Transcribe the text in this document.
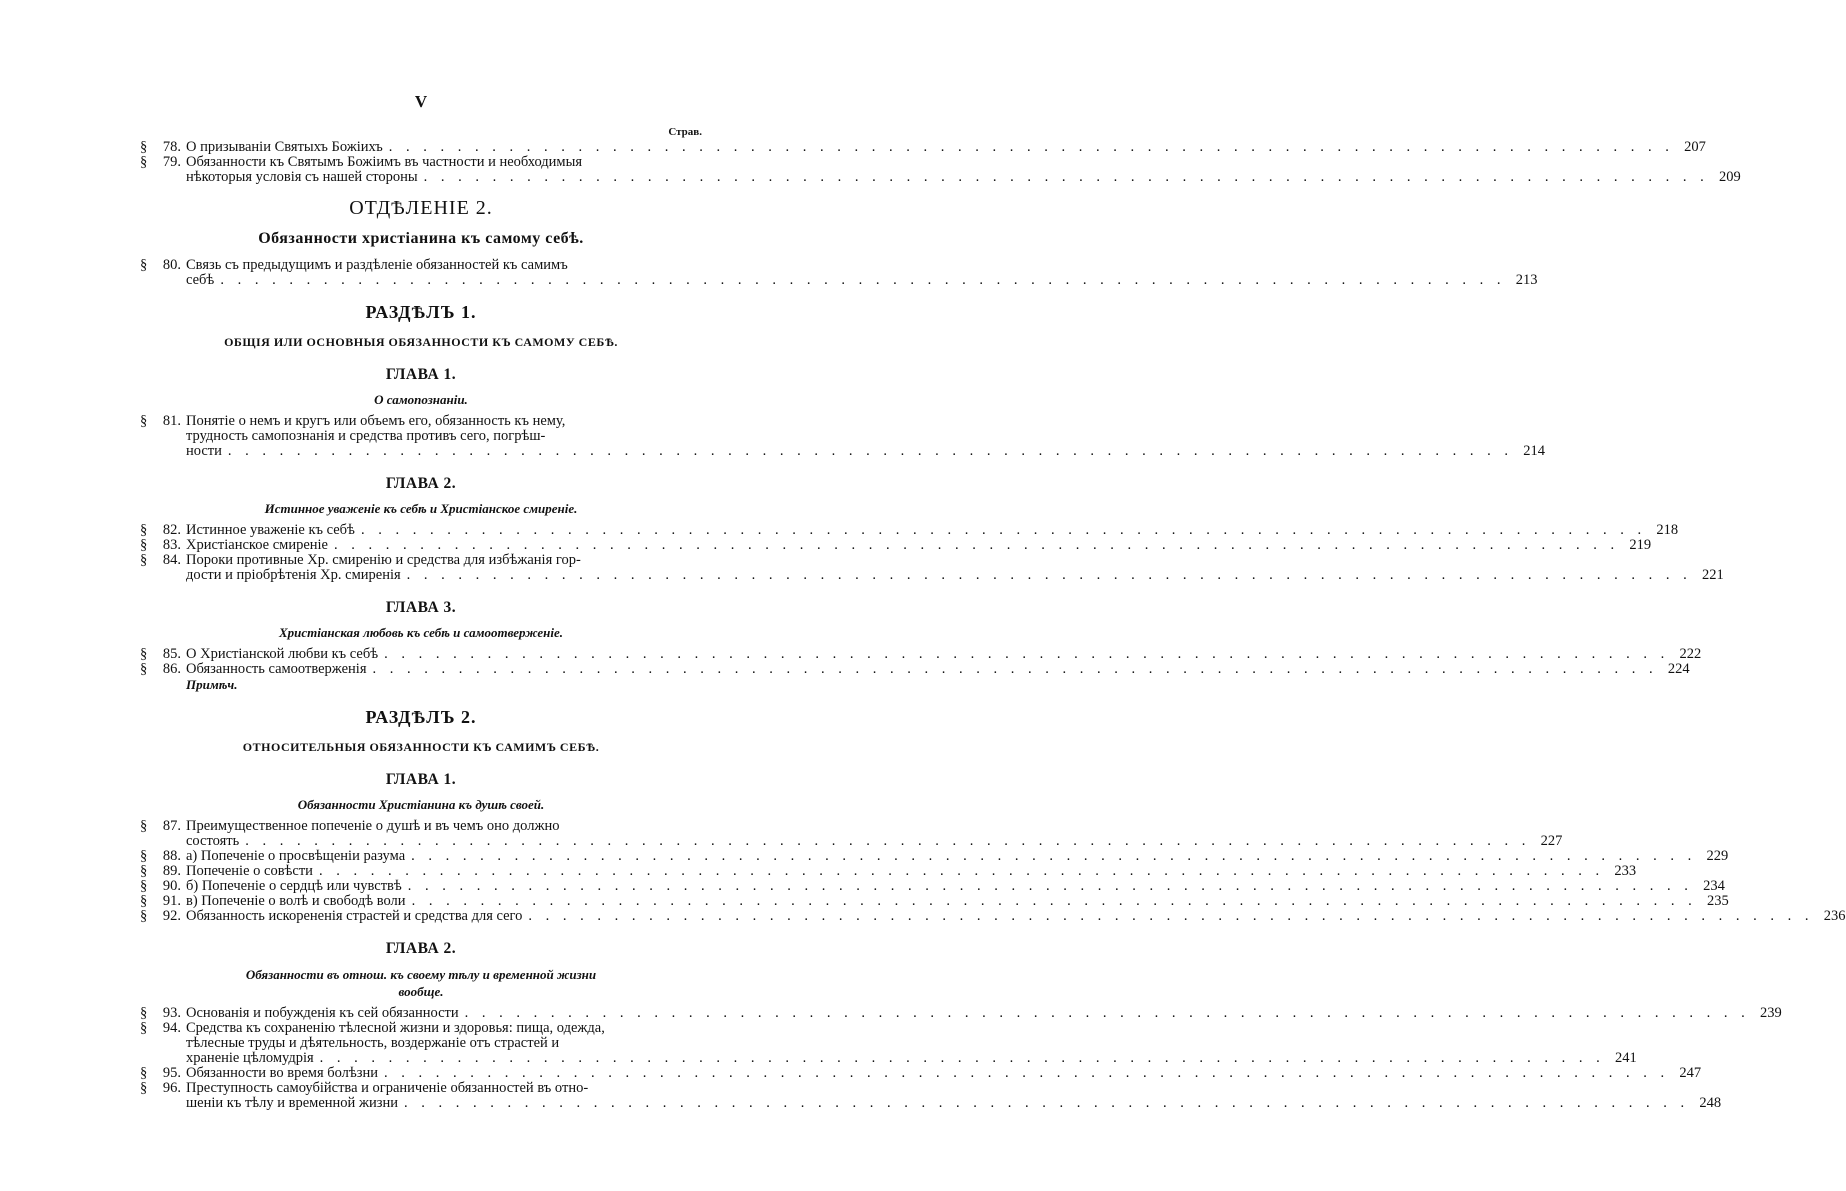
V
Страв.
§	78. О призываніи Святыхъ Божіихъ . . .	207
§	79. Обязанности къ Святымъ Божіимъ въ частности и необходимыя
нѣкоторыя условія съ нашей стороны . . .	209
ОТДѢЛЕНІЕ 2.
Обязанности христіанина къ самому себѣ.
§	80. Связь съ предыдущимъ и раздѣленіе обязанностей къ самимъ
себѣ . . .	213
РАЗДѢЛЪ 1.
ОБЩІЯ ИЛИ ОСНОВНЫЯ ОБЯЗАННОСТИ КЪ САМОМУ СЕБѢ.
ГЛАВА 1.
О самопознаніи.
§	81. Понятіе о немъ и кругъ или объемъ его, обязанность къ нему,
трудность самопознанія и средства противъ сего, погрѣш-
ности . . .	214
ГЛАВА 2.
Истинное уваженіе къ себѣ и Христіанское смиреніе.
§	82. Истинное уваженіе къ себѣ . . .	218
§	83. Христіанское смиреніе . . .	219
§	84. Пороки противные Хр. смиренію и средства для избѣжанія гор-
дости и пріобрѣтенія Хр. смиренія . . .	221
ГЛАВА 3.
Христіанская любовь къ себѣ и самоотверженіе.
§	85. О Христіанской любви къ себѣ . . .	222
§	86. Обязанность самоотверженія . . .	224
Примѣч.
РАЗДѢЛЪ 2.
ОТНОСИТЕЛЬНЫЯ ОБЯЗАННОСТИ КЪ САМИМЪ СЕБѢ.
ГЛАВА 1.
Обязанности Христіанина къ душѣ своей.
§	87. Преимущественное попеченіе о душѣ и въ чемъ оно должно
состоять . . .	227
§	88. а) Попеченіе о просвѣщеніи разума . . .	229
§	89. Попеченіе о совѣсти . . .	233
§	90. б) Попеченіе о сердцѣ или чувствѣ . . .	234
§	91. в) Попеченіе о волѣ и свободѣ воли . . .	235
§	92. Обязанность искорененія страстей и средства для сего . . .	236
ГЛАВА 2.
Обязанности въ отнош. къ своему тѣлу и временной жизни
вообще.
§	93. Основанія и побужденія къ сей обязанности . . .	239
§	94. Средства къ сохраненію тѣлесной жизни и здоровья: пища, одежда,
тѣлесные труды и дѣятельность, воздержаніе отъ страстей и
храненіе цѣломудрія . . .	241
§	95. Обязанности во время болѣзни . . .	247
§	96. Преступность самоубійства и ограниченіе обязанностей въ отно-
шеніи къ тѣлу и временной жизни . . .	248
